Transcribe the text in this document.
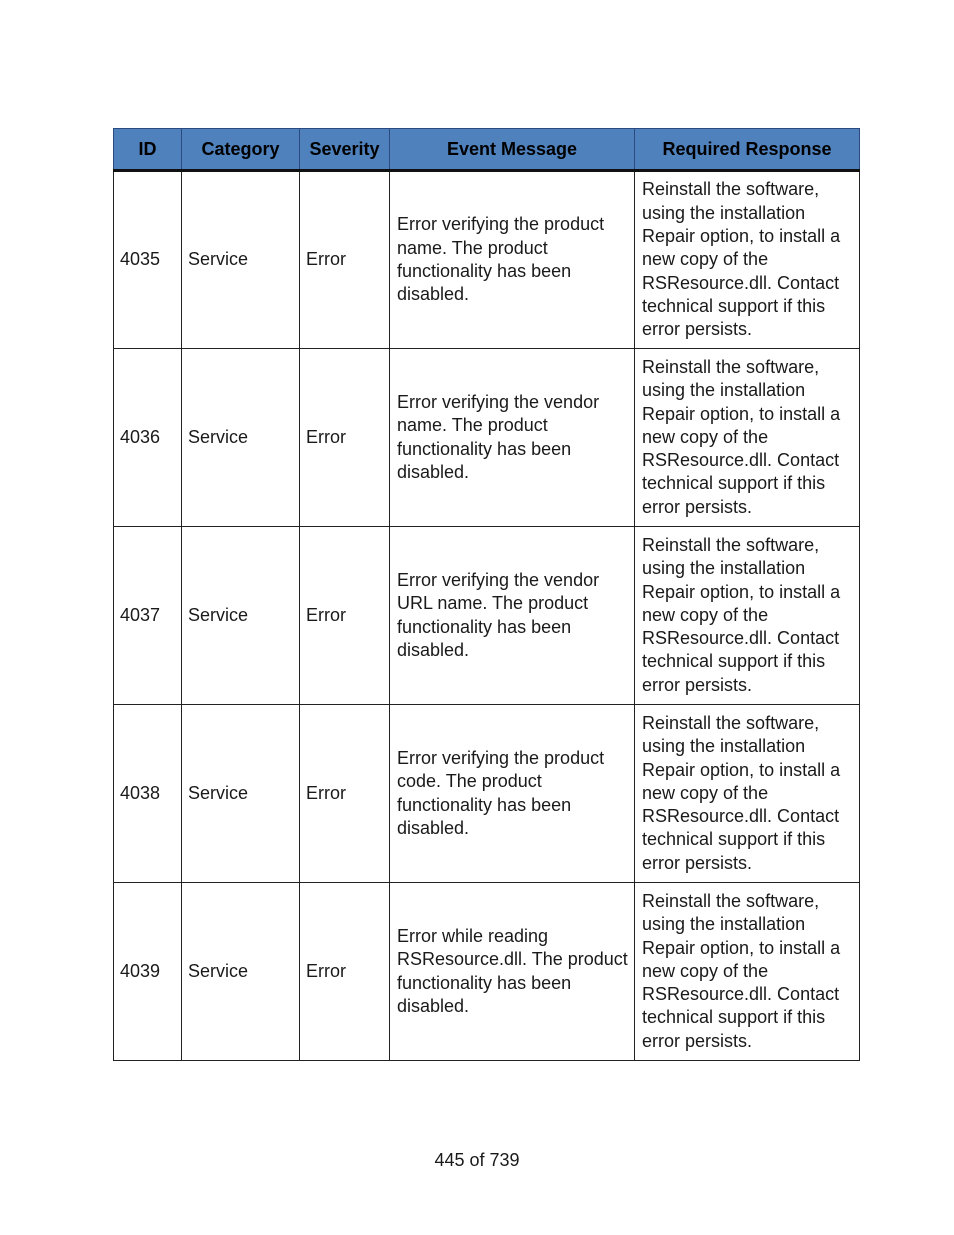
ID	Category	Severity	Event Message	Required Response
4035	Service	Error	Error verifying the product name. The product functionality has been disabled.	Reinstall the software, using the installation Repair option, to install a new copy of the RSResource.dll. Contact technical support if this error persists.
4036	Service	Error	Error verifying the vendor name. The product functionality has been disabled.	Reinstall the software, using the installation Repair option, to install a new copy of the RSResource.dll. Contact technical support if this error persists.
4037	Service	Error	Error verifying the vendor URL name. The product functionality has been disabled.	Reinstall the software, using the installation Repair option, to install a new copy of the RSResource.dll. Contact technical support if this error persists.
4038	Service	Error	Error verifying the product code. The product functionality has been disabled.	Reinstall the software, using the installation Repair option, to install a new copy of the RSResource.dll. Contact technical support if this error persists.
4039	Service	Error	Error while reading RSResource.dll. The product functionality has been disabled.	Reinstall the software, using the installation Repair option, to install a new copy of the RSResource.dll. Contact technical support if this error persists.
445 of 739
